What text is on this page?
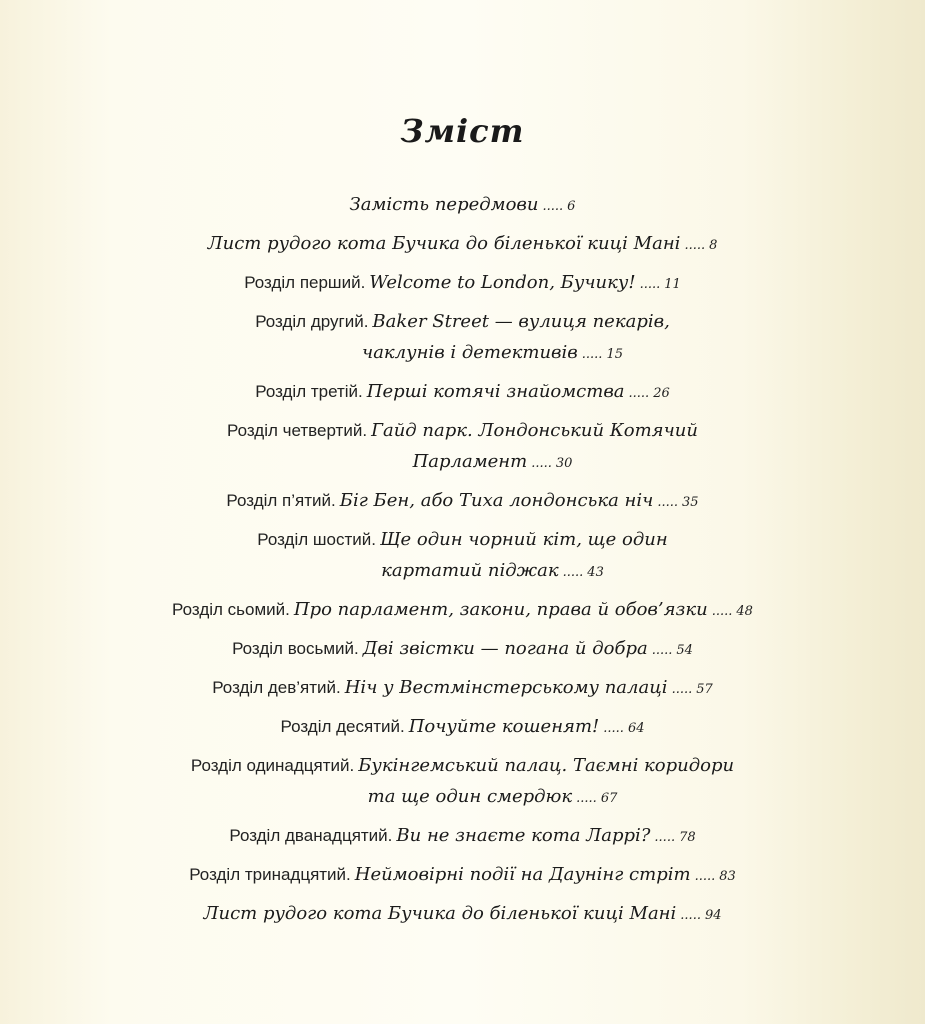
Зміст
Замість передмови ..... 6
Лист рудого кота Бучика до біленької киці Мані ..... 8
Розділ перший. Welcome to London, Бучику! ..... 11
Розділ другий. Baker Street — вулиця пекарів,
чаклунів і детективів ..... 15
Розділ третій. Перші котячі знайомства ..... 26
Розділ четвертий. Гайд парк. Лондонський Котячий
Парламент ..... 30
Розділ п’ятий. Біг Бен, або Тиха лондонська ніч ..... 35
Розділ шостий. Ще один чорний кіт, ще один
картатий піджак ..... 43
Розділ сьомий. Про парламент, закони, права й обов’язки ..... 48
Розділ восьмий. Дві звістки — погана й добра ..... 54
Розділ дев’ятий. Ніч у Вестмінстерському палаці ..... 57
Розділ десятий. Почуйте кошенят! ..... 64
Розділ одинадцятий. Букінгемський палац. Таємні коридори
та ще один смердюк ..... 67
Розділ дванадцятий. Ви не знаєте кота Ларрі? ..... 78
Розділ тринадцятий. Неймовірні події на Даунінг стріт ..... 83
Лист рудого кота Бучика до біленької киці Мані ..... 94
